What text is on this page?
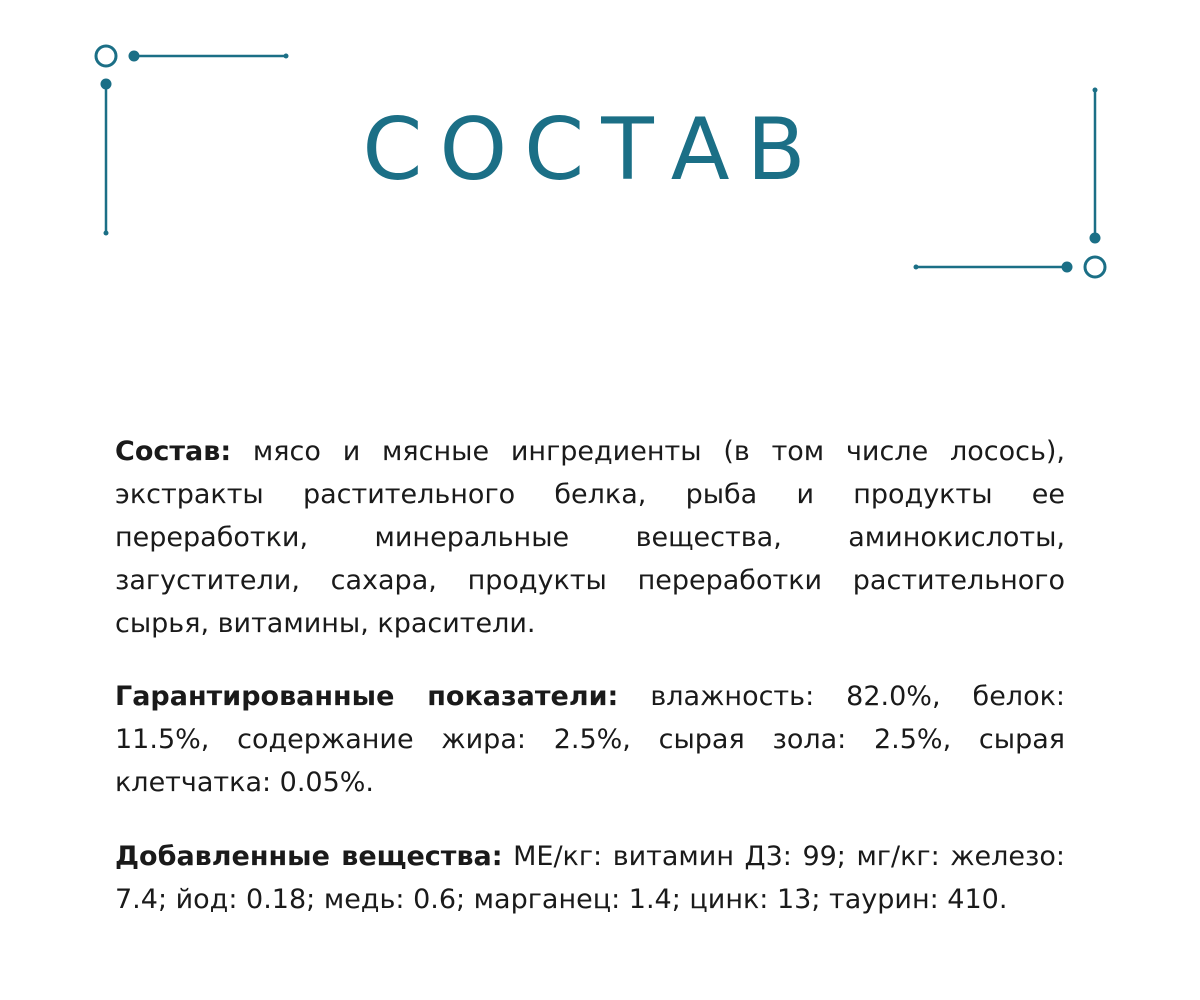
СОСТАВ

Состав: мясо и мясные ингредиенты (в том числе лосось), экстракты растительного белка, рыба и продукты ее переработки, минеральные вещества, аминокислоты, загустители, сахара, продукты переработки растительного сырья, витамины, красители.

Гарантированные показатели: влажность: 82.0%, белок: 11.5%, содержание жира: 2.5%, сырая зола: 2.5%, сырая клетчатка: 0.05%.

Добавленные вещества: МЕ/кг: витамин Д3: 99; мг/кг: железо: 7.4; йод: 0.18; медь: 0.6; марганец: 1.4; цинк: 13; таурин: 410.
